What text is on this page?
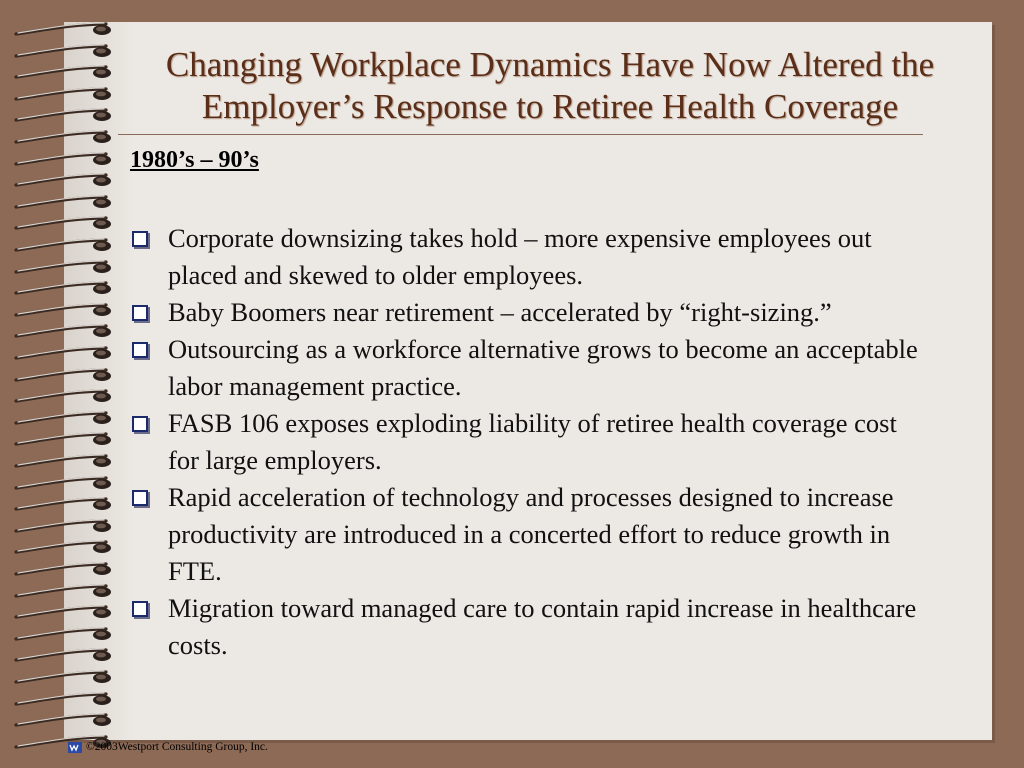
Changing Workplace Dynamics Have Now Altered the Employer’s Response to Retiree Health Coverage
1980’s – 90’s
Corporate downsizing takes hold – more expensive employees out placed and skewed to older employees.
Baby Boomers near retirement – accelerated by “right-sizing.”
Outsourcing as a workforce alternative grows to become an acceptable labor management practice.
FASB 106 exposes exploding liability of retiree health coverage cost for large employers.
Rapid acceleration of technology and processes designed to increase productivity are introduced in a concerted effort to reduce growth in FTE.
Migration toward managed care to contain rapid increase in healthcare costs.
©2003Westport Consulting Group, Inc.
